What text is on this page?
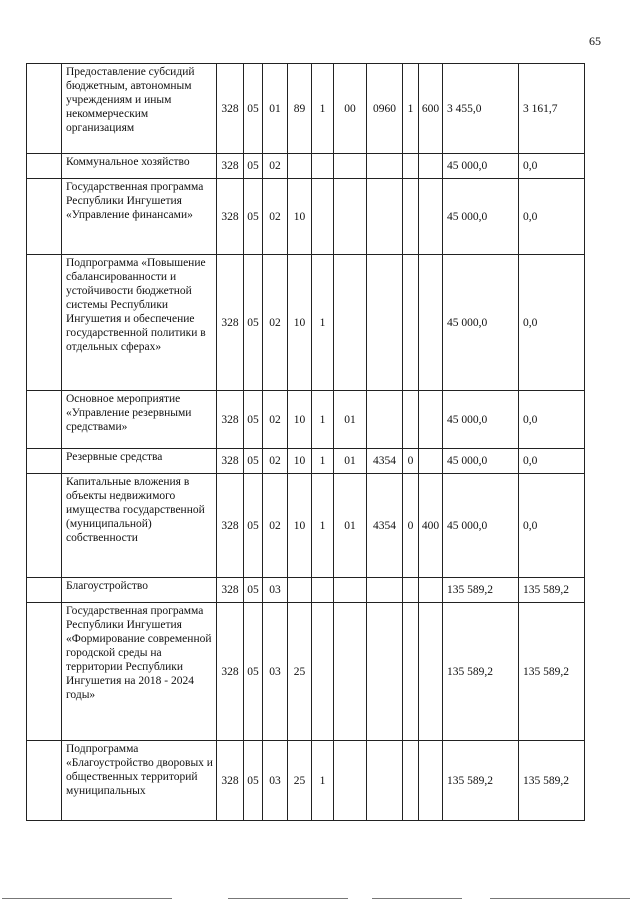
65
	Предоставление субсидий бюджетным, автономным учреждениям и иным некоммерческим организациям	328	05	01	89	1	00	0960	1	600	3 455,0	3 161,7
	Коммунальное хозяйство	328	05	02							45 000,0	0,0
	Государственная программа Республики Ингушетия «Управление финансами»	328	05	02	10						45 000,0	0,0
	Подпрограмма «Повышение сбалансированности и устойчивости бюджетной системы Республики Ингушетия и обеспечение государственной политики в отдельных сферах»	328	05	02	10	1					45 000,0	0,0
	Основное мероприятие «Управление резервными средствами»	328	05	02	10	1	01				45 000,0	0,0
	Резервные средства	328	05	02	10	1	01	4354	0		45 000,0	0,0
	Капитальные вложения в объекты недвижимого имущества государственной (муниципальной) собственности	328	05	02	10	1	01	4354	0	400	45 000,0	0,0
	Благоустройство	328	05	03							135 589,2	135 589,2
	Государственная программа Республики Ингушетия «Формирование современной городской среды на территории Республики Ингушетия на 2018 - 2024 годы»	328	05	03	25						135 589,2	135 589,2
	Подпрограмма «Благоустройство дворовых и общественных территорий муниципальных	328	05	03	25	1					135 589,2	135 589,2
